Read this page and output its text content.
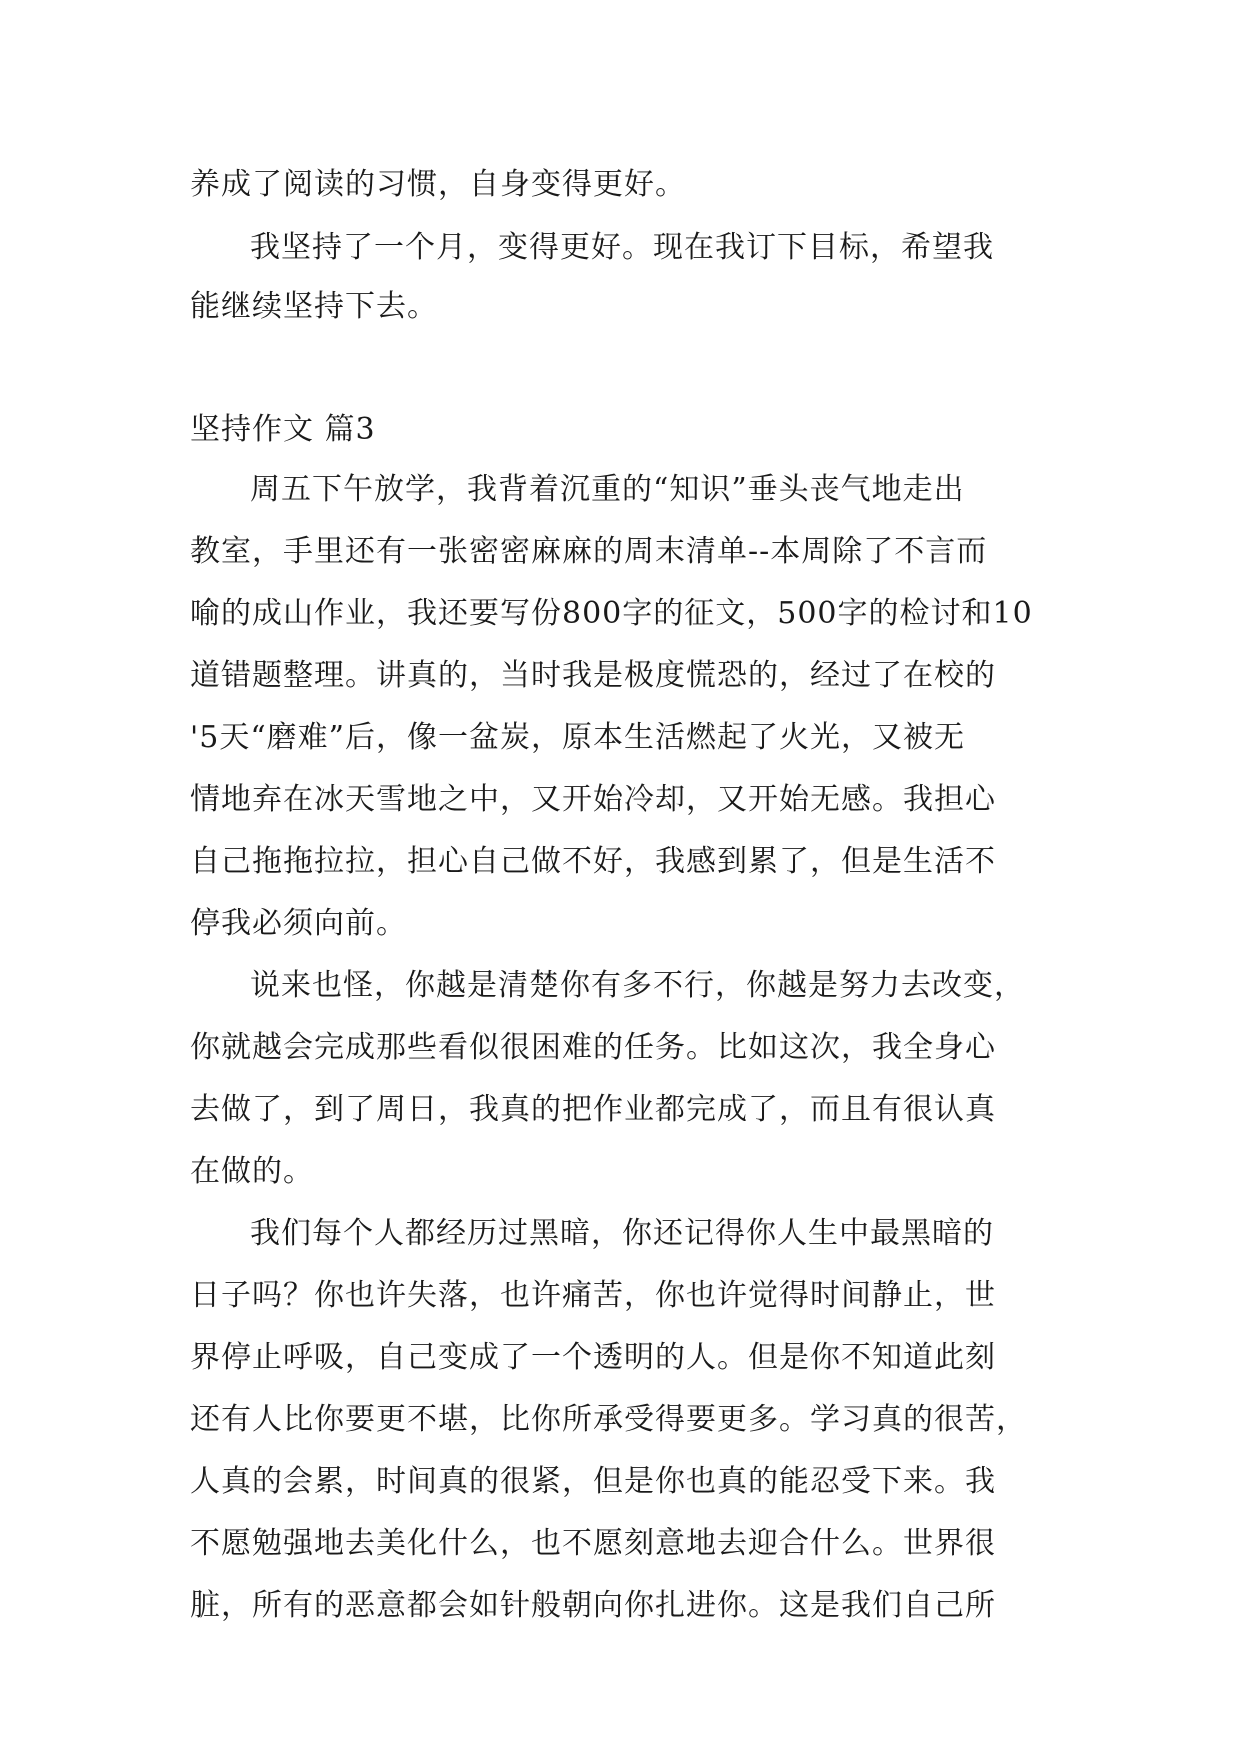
养成了阅读的习惯，自身变得更好。
我坚持了一个月，变得更好。现在我订下目标，希望我
能继续坚持下去。
坚持作文 篇3
周五下午放学，我背着沉重的“知识”垂头丧气地走出
教室，手里还有一张密密麻麻的周末清单--本周除了不言而
喻的成山作业，我还要写份800字的征文，500字的检讨和10
道错题整理。讲真的，当时我是极度慌恐的，经过了在校的
'5天“磨难”后，像一盆炭，原本生活燃起了火光，又被无
情地弃在冰天雪地之中，又开始冷却，又开始无感。我担心
自己拖拖拉拉，担心自己做不好，我感到累了，但是生活不
停我必须向前。
说来也怪，你越是清楚你有多不行，你越是努力去改变，
你就越会完成那些看似很困难的任务。比如这次，我全身心
去做了，到了周日，我真的把作业都完成了，而且有很认真
在做的。
我们每个人都经历过黑暗，你还记得你人生中最黑暗的
日子吗？你也许失落，也许痛苦，你也许觉得时间静止，世
界停止呼吸，自己变成了一个透明的人。但是你不知道此刻
还有人比你要更不堪，比你所承受得要更多。学习真的很苦，
人真的会累，时间真的很紧，但是你也真的能忍受下来。我
不愿勉强地去美化什么，也不愿刻意地去迎合什么。世界很
脏，所有的恶意都会如针般朝向你扎进你。这是我们自己所
